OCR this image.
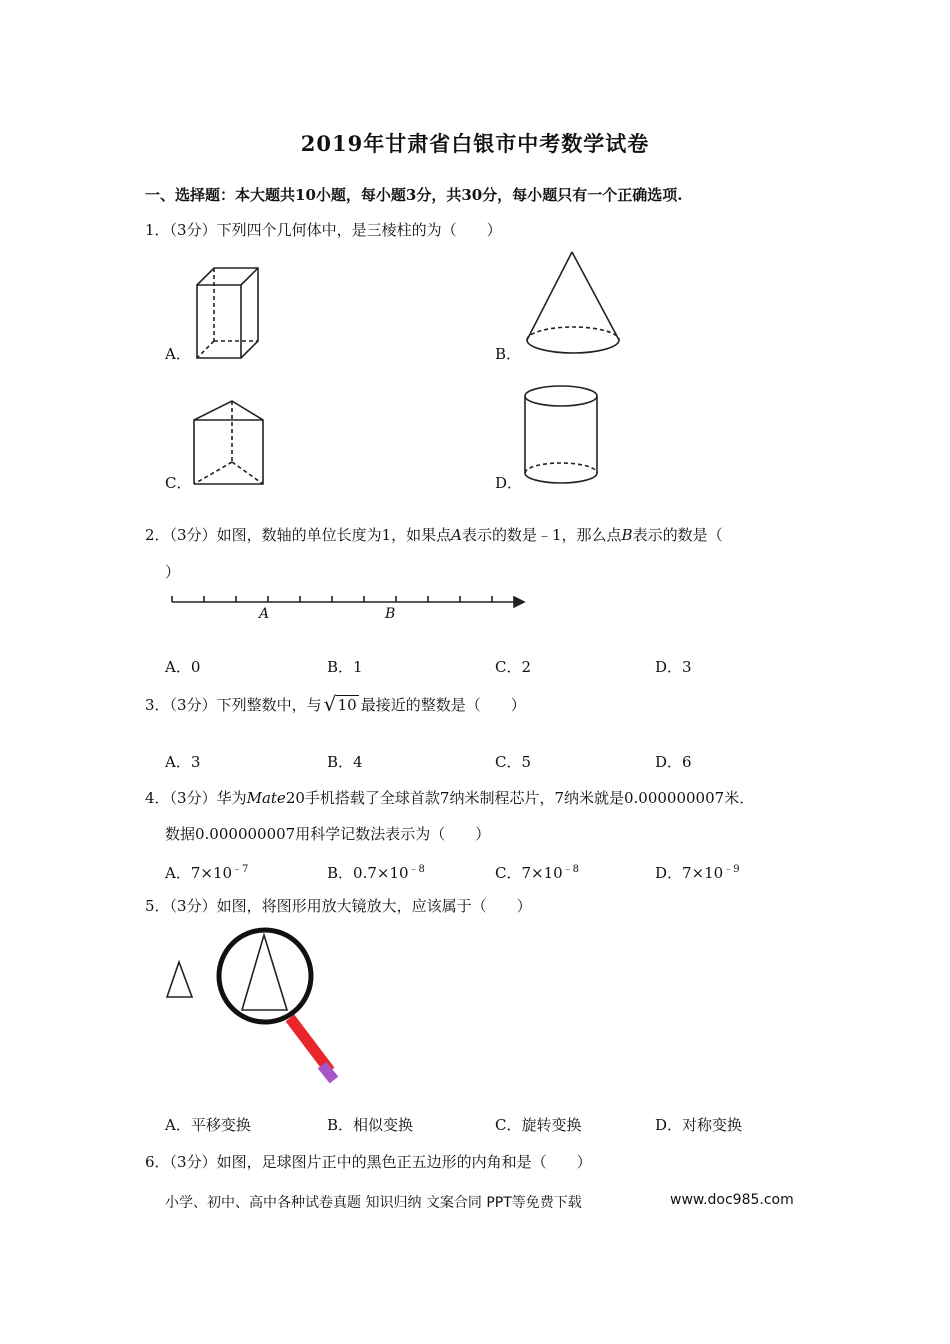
2019年甘肃省白银市中考数学试卷
一、选择题：本大题共10小题，每小题3分，共30分，每小题只有一个正确选项.
1．（3分）下列四个几何体中，是三棱柱的为（　　）
A．	B．
C．	D．
2．（3分）如图，数轴的单位长度为1，如果点A表示的数是﹣1，那么点B表示的数是（
）
A	B
A．0	B．1	C．2	D．3
3．（3分）下列整数中，与 √ 10 最接近的整数是（　　）
A．3	B．4	C．5	D．6
4．（3分）华为Mate20手机搭载了全球首款7纳米制程芯片，7纳米就是0.000000007米．
数据0.000000007用科学记数法表示为（　　）
A．$7\times 10^{﹣7}$	B．$0.7\times 10^{﹣8}$	C．$7\times 10^{﹣8}$	D．$7\times 10^{﹣9}$
5．（3分）如图，将图形用放大镜放大，应该属于（　　）
A．平移变换	B．相似变换	C．旋转变换	D．对称变换
6．（3分）如图，足球图片正中的黑色正五边形的内角和是（　　）
小学、初中、高中各种试卷真题 知识归纳 文案合同 PPT等免费下载	www.doc985.com
